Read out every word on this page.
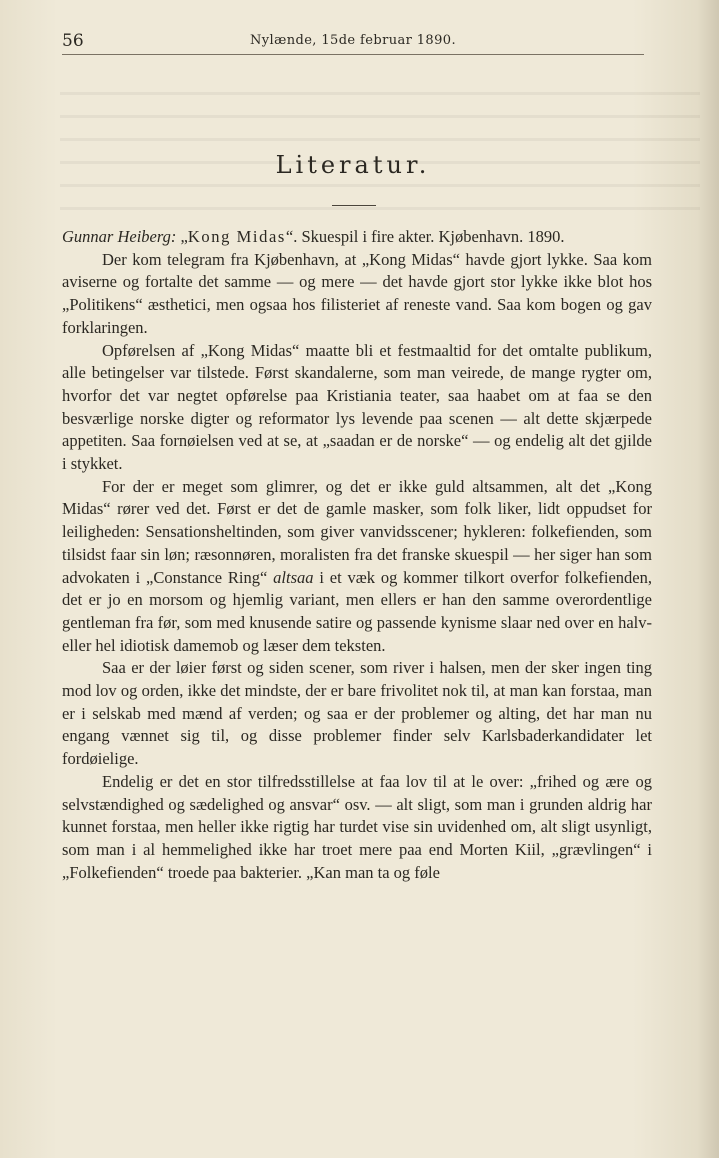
56	Nylænde, 15de februar 1890.
Literatur.

Gunnar Heiberg: „Kong Midas“. Skuespil i fire akter. Kjøbenhavn. 1890.

Der kom telegram fra Kjøbenhavn, at „Kong Midas“ havde gjort lykke. Saa kom aviserne og fortalte det samme — og mere — det havde gjort stor lykke ikke blot hos „Politikens“ æsthetici, men ogsaa hos filisteriet af reneste vand. Saa kom bogen og gav forklaringen.

Opførelsen af „Kong Midas“ maatte bli et festmaaltid for det omtalte publikum, alle betingelser var tilstede. Først skandalerne, som man veirede, de mange rygter om, hvorfor det var negtet opførelse paa Kristiania teater, saa haabet om at faa se den besværlige norske digter og reformator lys levende paa scenen — alt dette skjærpede appetiten. Saa fornøielsen ved at se, at „saadan er de norske“ — og endelig alt det gjilde i stykket.

For der er meget som glimrer, og det er ikke guld altsammen, alt det „Kong Midas“ rører ved det. Først er det de gamle masker, som folk liker, lidt oppudset for leiligheden: Sensationsheltinden, som giver vanvidsscener; hykleren: folkefienden, som tilsidst faar sin løn; ræsonnøren, moralisten fra det franske skuespil — her siger han som advokaten i „Constance Ring“ altsaa i et væk og kommer tilkort overfor folkefienden, det er jo en morsom og hjemlig variant, men ellers er han den samme overordentlige gentleman fra før, som med knusende satire og passende kynisme slaar ned over en halv- eller hel idiotisk damemob og læser dem teksten.

Saa er der løier først og siden scener, som river i halsen, men der sker ingen ting mod lov og orden, ikke det mindste, der er bare frivolitet nok til, at man kan forstaa, man er i selskab med mænd af verden; og saa er der problemer og alting, det har man nu engang vænnet sig til, og disse problemer finder selv Karlsbaderkandidater let fordøielige.

Endelig er det en stor tilfredsstillelse at faa lov til at le over: „frihed og ære og selvstændighed og sædelighed og ansvar“ osv. — alt sligt, som man i grunden aldrig har kunnet forstaa, men heller ikke rigtig har turdet vise sin uvidenhed om, alt sligt usynligt, som man i al hemmelighed ikke har troet mere paa end Morten Kiil, „grævlingen“ i „Folkefienden“ troede paa bakterier. „Kan man ta og føle
